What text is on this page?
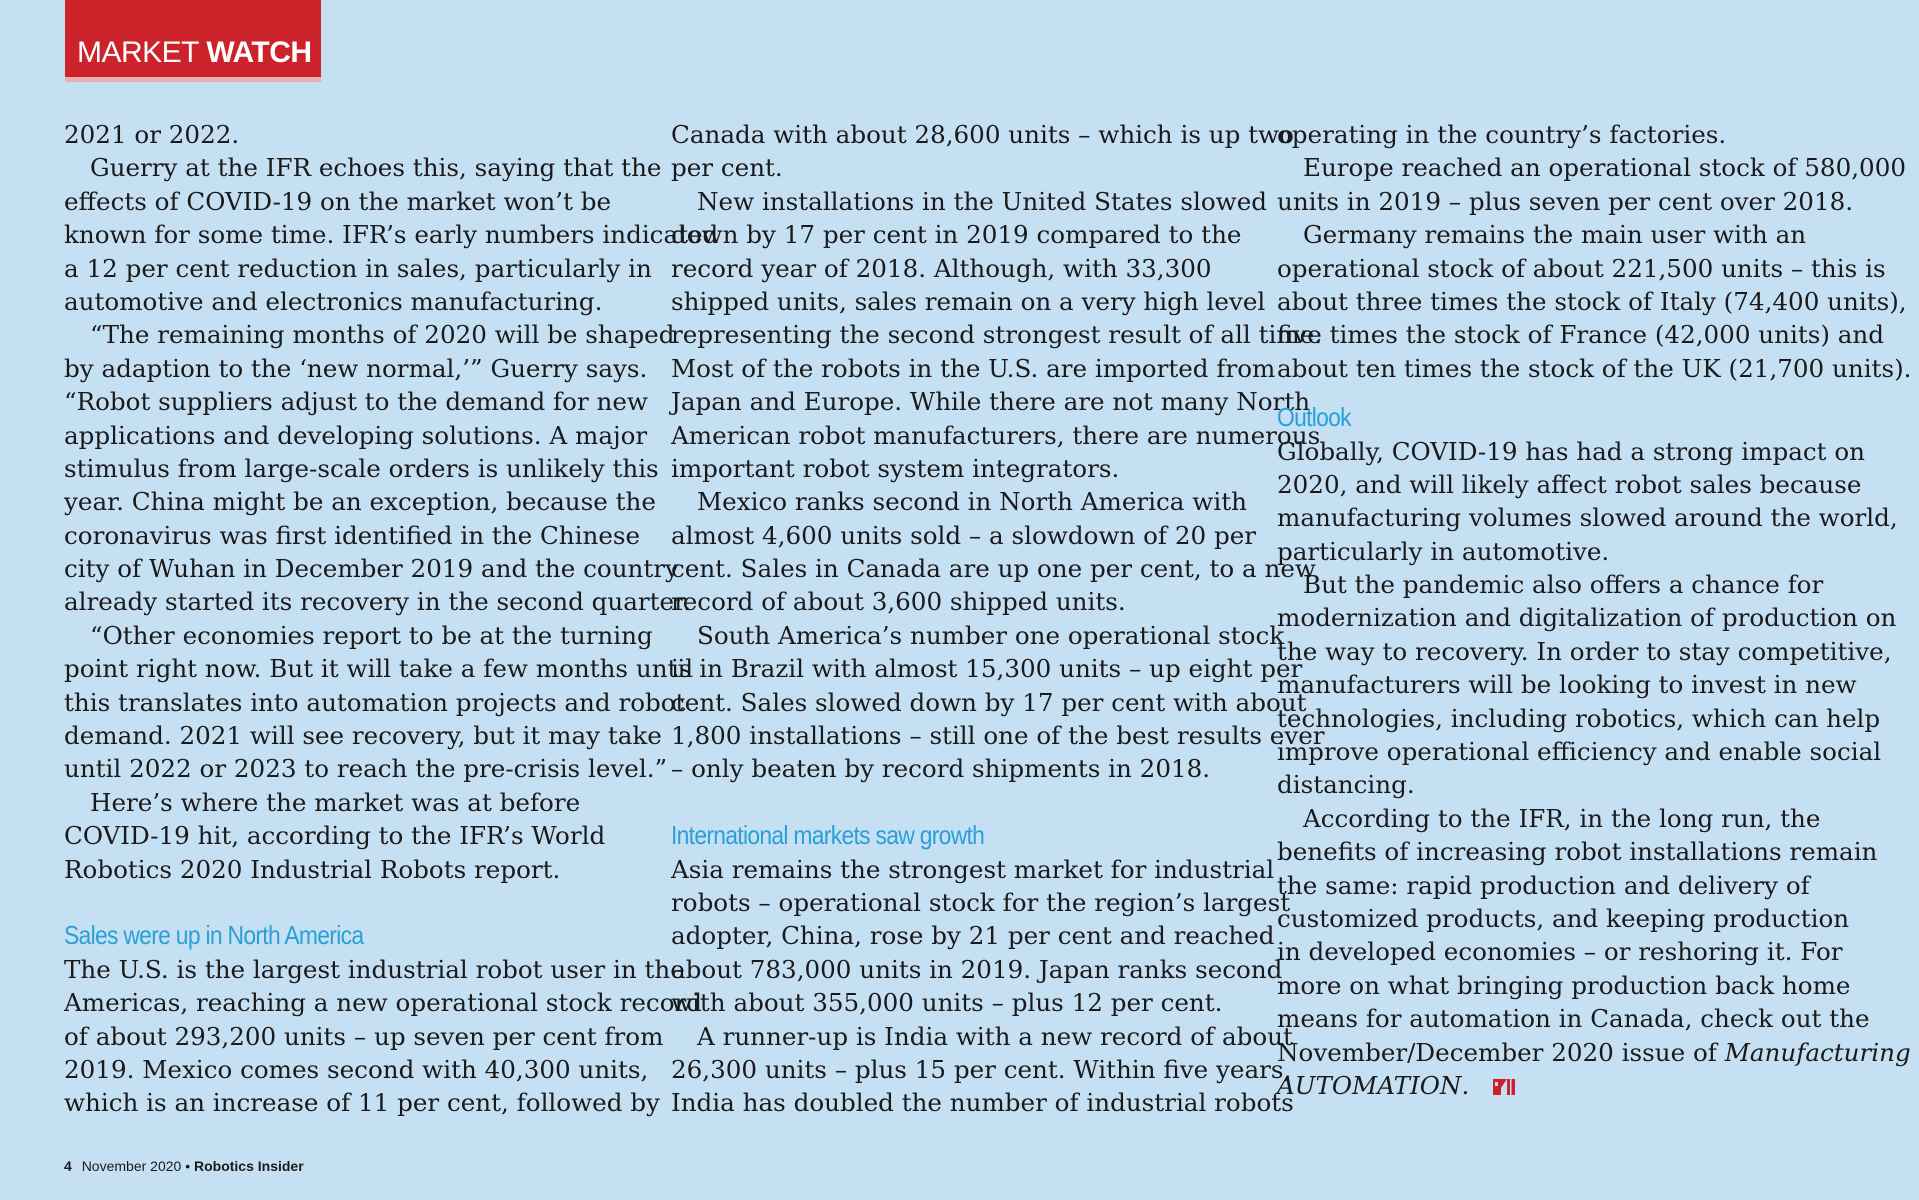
MARKET WATCH
2021 or 2022.
Guerry at the IFR echoes this, saying that the
effects of COVID-19 on the market won’t be
known for some time. IFR’s early numbers indicated
a 12 per cent reduction in sales, particularly in
automotive and electronics manufacturing.
“The remaining months of 2020 will be shaped
by adaption to the ‘new normal,’” Guerry says.
“Robot suppliers adjust to the demand for new
applications and developing solutions. A major
stimulus from large-scale orders is unlikely this
year. China might be an exception, because the
coronavirus was first identified in the Chinese
city of Wuhan in December 2019 and the country
already started its recovery in the second quarter.
“Other economies report to be at the turning
point right now. But it will take a few months until
this translates into automation projects and robot
demand. 2021 will see recovery, but it may take
until 2022 or 2023 to reach the pre-crisis level.”
Here’s where the market was at before
COVID-19 hit, according to the IFR’s World
Robotics 2020 Industrial Robots report.
Sales were up in North America
The U.S. is the largest industrial robot user in the
Americas, reaching a new operational stock record
of about 293,200 units – up seven per cent from
2019. Mexico comes second with 40,300 units,
which is an increase of 11 per cent, followed by
Canada with about 28,600 units – which is up two
per cent.
New installations in the United States slowed
down by 17 per cent in 2019 compared to the
record year of 2018. Although, with 33,300
shipped units, sales remain on a very high level
representing the second strongest result of all time.
Most of the robots in the U.S. are imported from
Japan and Europe. While there are not many North
American robot manufacturers, there are numerous
important robot system integrators.
Mexico ranks second in North America with
almost 4,600 units sold – a slowdown of 20 per
cent. Sales in Canada are up one per cent, to a new
record of about 3,600 shipped units.
South America’s number one operational stock
is in Brazil with almost 15,300 units – up eight per
cent. Sales slowed down by 17 per cent with about
1,800 installations – still one of the best results ever
– only beaten by record shipments in 2018.
International markets saw growth
Asia remains the strongest market for industrial
robots – operational stock for the region’s largest
adopter, China, rose by 21 per cent and reached
about 783,000 units in 2019. Japan ranks second
with about 355,000 units – plus 12 per cent.
A runner-up is India with a new record of about
26,300 units – plus 15 per cent. Within five years,
India has doubled the number of industrial robots
operating in the country’s factories.
Europe reached an operational stock of 580,000
units in 2019 – plus seven per cent over 2018.
Germany remains the main user with an
operational stock of about 221,500 units – this is
about three times the stock of Italy (74,400 units),
five times the stock of France (42,000 units) and
about ten times the stock of the UK (21,700 units).
Outlook
Globally, COVID-19 has had a strong impact on
2020, and will likely affect robot sales because
manufacturing volumes slowed around the world,
particularly in automotive.
But the pandemic also offers a chance for
modernization and digitalization of production on
the way to recovery. In order to stay competitive,
manufacturers will be looking to invest in new
technologies, including robotics, which can help
improve operational efficiency and enable social
distancing.
According to the IFR, in the long run, the
benefits of increasing robot installations remain
the same: rapid production and delivery of
customized products, and keeping production
in developed economies – or reshoring it. For
more on what bringing production back home
means for automation in Canada, check out the
November/December 2020 issue of Manufacturing
AUTOMATION.
4 November 2020 • Robotics Insider
